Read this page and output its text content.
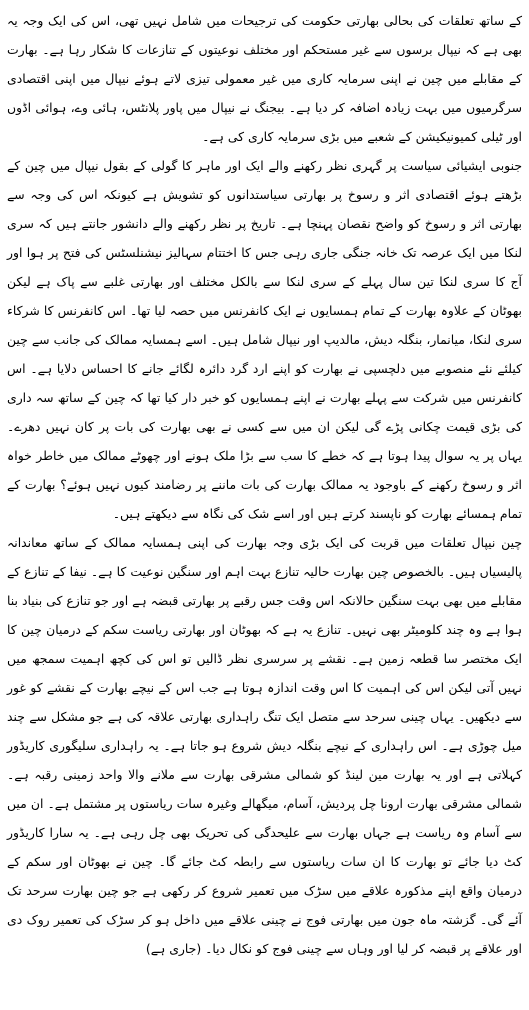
کے ساتھ تعلقات کی بحالی بھارتی حکومت کی ترجیحات میں شامل نہیں تھی، اس کی ایک وجہ یہ بھی ہے کہ نیپال برسوں سے غیر مستحکم اور مختلف نوعیتوں کے تنازعات کا شکار رہا ہے۔ بھارت کے مقابلے میں چین نے اپنی سرمایہ کاری میں غیر معمولی تیزی لاتے ہوئے نیپال میں اپنی اقتصادی سرگرمیوں میں بہت زیادہ اضافہ کر دیا ہے۔ بیجنگ نے نیپال میں پاور پلانٹس، ہائی وے، ہوائی اڈوں اور ٹیلی کمیونیکیشن کے شعبے میں بڑی سرمایہ کاری کی ہے۔

جنوبی ایشیائی سیاست پر گہری نظر رکھنے والے ایک اور ماہر کا گولی کے بقول نیپال میں چین کے بڑھتے ہوئے اقتصادی اثر و رسوخ پر بھارتی سیاستدانوں کو تشویش ہے کیونکہ اس کی وجہ سے بھارتی اثر و رسوخ کو واضح نقصان پہنچا ہے۔ تاریخ پر نظر رکھنے والے دانشور جانتے ہیں کہ سری لنکا میں ایک عرصہ تک خانہ جنگی جاری رہی جس کا اختتام سہالیز نیشنلسٹس کی فتح پر ہوا اور آج کا سری لنکا تین سال پہلے کے سری لنکا سے بالکل مختلف اور بھارتی غلبے سے پاک ہے لیکن بھوٹان کے علاوہ بھارت کے تمام ہمسایوں نے ایک کانفرنس میں حصہ لیا تھا۔ اس کانفرنس کا شرکاء سری لنکا، میانمار، بنگلہ دیش، مالدیپ اور نیپال شامل ہیں۔ اسے ہمسایہ ممالک کی جانب سے چین کیلئے نئے منصوبے میں دلچسپی نے بھارت کو اپنے ارد گرد دائرہ لگائے جانے کا احساس دلایا ہے۔ اس کانفرنس میں شرکت سے پہلے بھارت نے اپنے ہمسایوں کو خبر دار کیا تھا کہ چین کے ساتھ سہ داری کی بڑی قیمت چکانی پڑے گی لیکن ان میں سے کسی نے بھی بھارت کی بات پر کان نہیں دھرے۔ یہاں پر یہ سوال پیدا ہوتا ہے کہ خطے کا سب سے بڑا ملک ہونے اور چھوٹے ممالک میں خاطر خواہ اثر و رسوخ رکھنے کے باوجود یہ ممالک بھارت کی بات ماننے پر رضامند کیوں نہیں ہوئے؟ بھارت کے تمام ہمسائے بھارت کو ناپسند کرتے ہیں اور اسے شک کی نگاہ سے دیکھتے ہیں۔

چین نیپال تعلقات میں قربت کی ایک بڑی وجہ بھارت کی اپنی ہمسایہ ممالک کے ساتھ معاندانہ پالیسیاں ہیں۔ بالخصوص چین بھارت حالیہ تنازع بہت اہم اور سنگین نوعیت کا ہے۔ نیفا کے تنازع کے مقابلے میں بھی بہت سنگین حالانکہ اس وقت جس رقبے پر بھارتی قبضہ ہے اور جو تنازع کی بنیاد بنا ہوا ہے وہ چند کلومیٹر بھی نہیں۔ تنازع یہ ہے کہ بھوٹان اور بھارتی ریاست سکم کے درمیان چین کا ایک مختصر سا قطعہ زمین ہے۔ نقشے پر سرسری نظر ڈالیں تو اس کی کچھ اہمیت سمجھ میں نہیں آتی لیکن اس کی اہمیت کا اس وقت اندازہ ہوتا ہے جب اس کے نیچے بھارت کے نقشے کو غور سے دیکھیں۔ یہاں چینی سرحد سے متصل ایک تنگ راہداری بھارتی علاقہ کی ہے جو مشکل سے چند میل چوڑی ہے۔ اس راہداری کے نیچے بنگلہ دیش شروع ہو جاتا ہے۔ یہ راہداری سلیگوری کاریڈور کہلاتی ہے اور یہ بھارت مین لینڈ کو شمالی مشرقی بھارت سے ملانے والا واحد زمینی رقبہ ہے۔ شمالی مشرقی بھارت ارونا چل پردیش، آسام، میگھالے وغیرہ سات ریاستوں پر مشتمل ہے۔ ان میں سے آسام وہ ریاست ہے جہاں بھارت سے علیحدگی کی تحریک بھی چل رہی ہے۔ یہ سارا کاریڈور کٹ دیا جائے تو بھارت کا ان سات ریاستوں سے رابطہ کٹ جائے گا۔ چین نے بھوٹان اور سکم کے درمیان واقع اپنے مذکورہ علاقے میں سڑک میں تعمیر شروع کر رکھی ہے جو چین بھارت سرحد تک آئے گی۔ گزشتہ ماہ جون میں بھارتی فوج نے چینی علاقے میں داخل ہو کر سڑک کی تعمیر روک دی اور علاقے پر قبضہ کر لیا اور وہاں سے چینی فوج کو نکال دیا۔ (جاری ہے)
